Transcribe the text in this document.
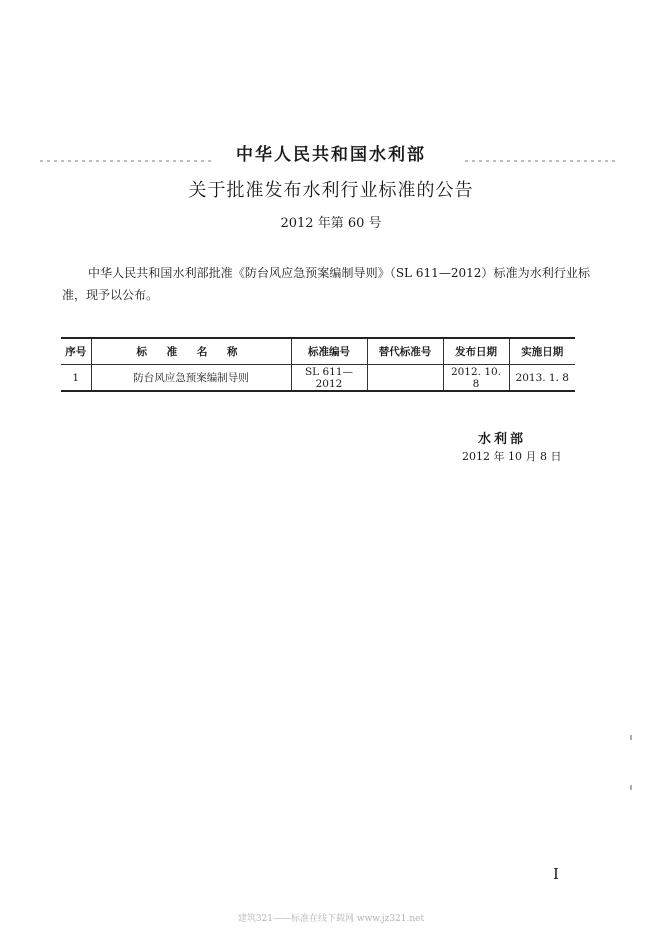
中华人民共和国水利部
关于批准发布水利行业标准的公告
2012 年第 60 号
中华人民共和国水利部批准《防台风应急预案编制导则》（SL 611—2012）标准为水利行业标准，现予以公布。
序号	标 准 名 称	标准编号	替代标准号	发布日期	实施日期
1	防台风应急预案编制导则	SL 611—2012		2012. 10. 8	2013. 1. 8
水利部
2012 年 10 月 8 日
I
建筑321——标准在线下载网 www.jz321.net
